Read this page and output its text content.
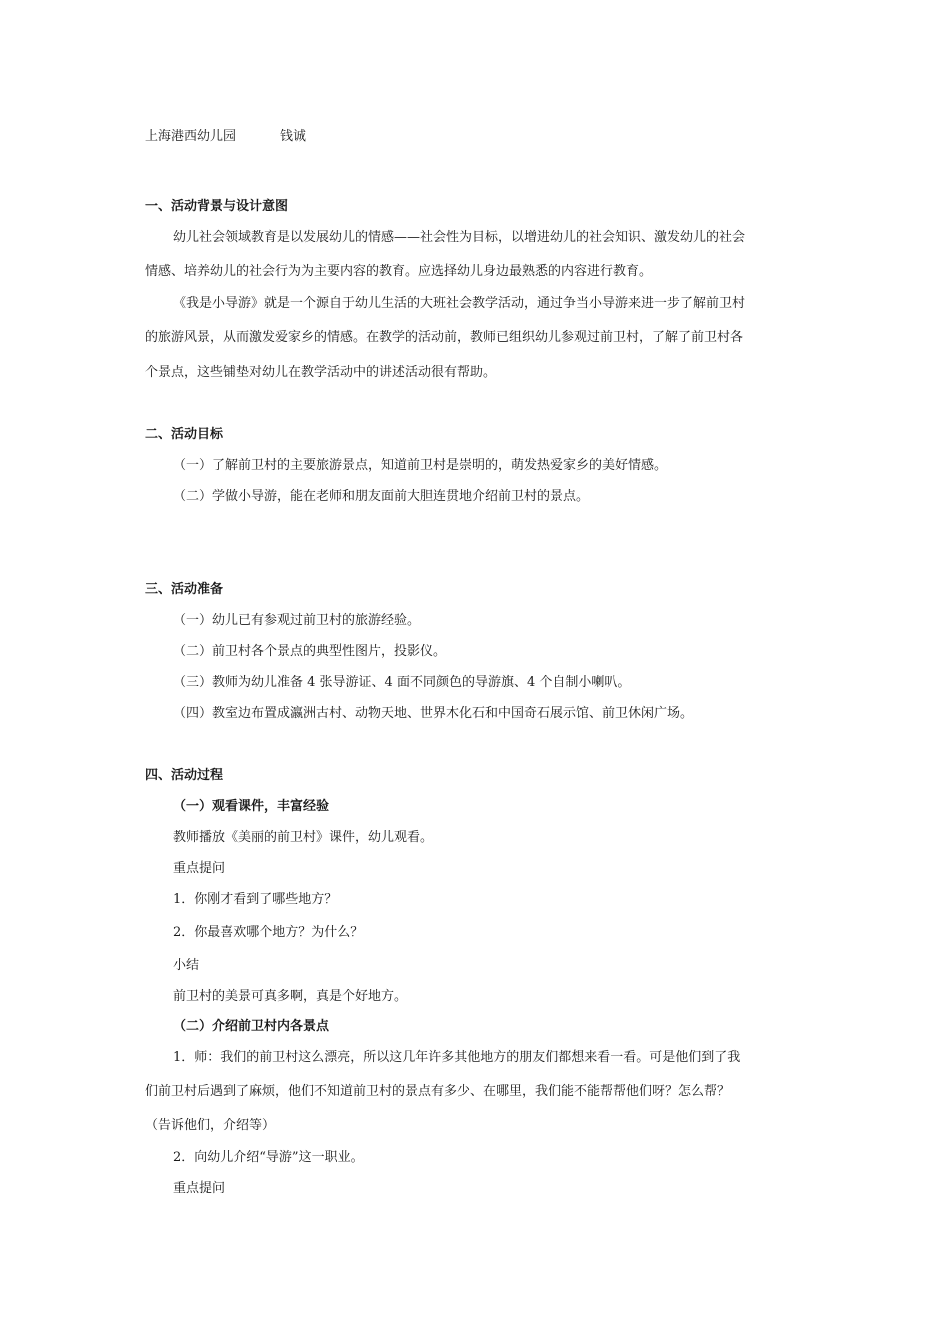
上海港西幼儿园	钱诚
一、活动背景与设计意图
幼儿社会领域教育是以发展幼儿的情感——社会性为目标，以增进幼儿的社会知识、激发幼儿的社会
情感、培养幼儿的社会行为为主要内容的教育。应选择幼儿身边最熟悉的内容进行教育。
《我是小导游》就是一个源自于幼儿生活的大班社会教学活动，通过争当小导游来进一步了解前卫村
的旅游风景，从而激发爱家乡的情感。在教学的活动前，教师已组织幼儿参观过前卫村，了解了前卫村各
个景点，这些铺垫对幼儿在教学活动中的讲述活动很有帮助。
二、活动目标
（一）了解前卫村的主要旅游景点，知道前卫村是崇明的，萌发热爱家乡的美好情感。
（二）学做小导游，能在老师和朋友面前大胆连贯地介绍前卫村的景点。
三、活动准备
（一）幼儿已有参观过前卫村的旅游经验。
（二）前卫村各个景点的典型性图片，投影仪。
（三）教师为幼儿准备 4 张导游证、4 面不同颜色的导游旗、4 个自制小喇叭。
（四）教室边布置成瀛洲古村、动物天地、世界木化石和中国奇石展示馆、前卫休闲广场。
四、活动过程
（一）观看课件，丰富经验
教师播放《美丽的前卫村》课件，幼儿观看。
重点提问
1．你刚才看到了哪些地方？
2．你最喜欢哪个地方？为什么？
小结
前卫村的美景可真多啊，真是个好地方。
（二）介绍前卫村内各景点
1．师：我们的前卫村这么漂亮，所以这几年许多其他地方的朋友们都想来看一看。可是他们到了我
们前卫村后遇到了麻烦，他们不知道前卫村的景点有多少、在哪里，我们能不能帮帮他们呀？怎么帮？
（告诉他们，介绍等）
2．向幼儿介绍“导游”这一职业。
重点提问
